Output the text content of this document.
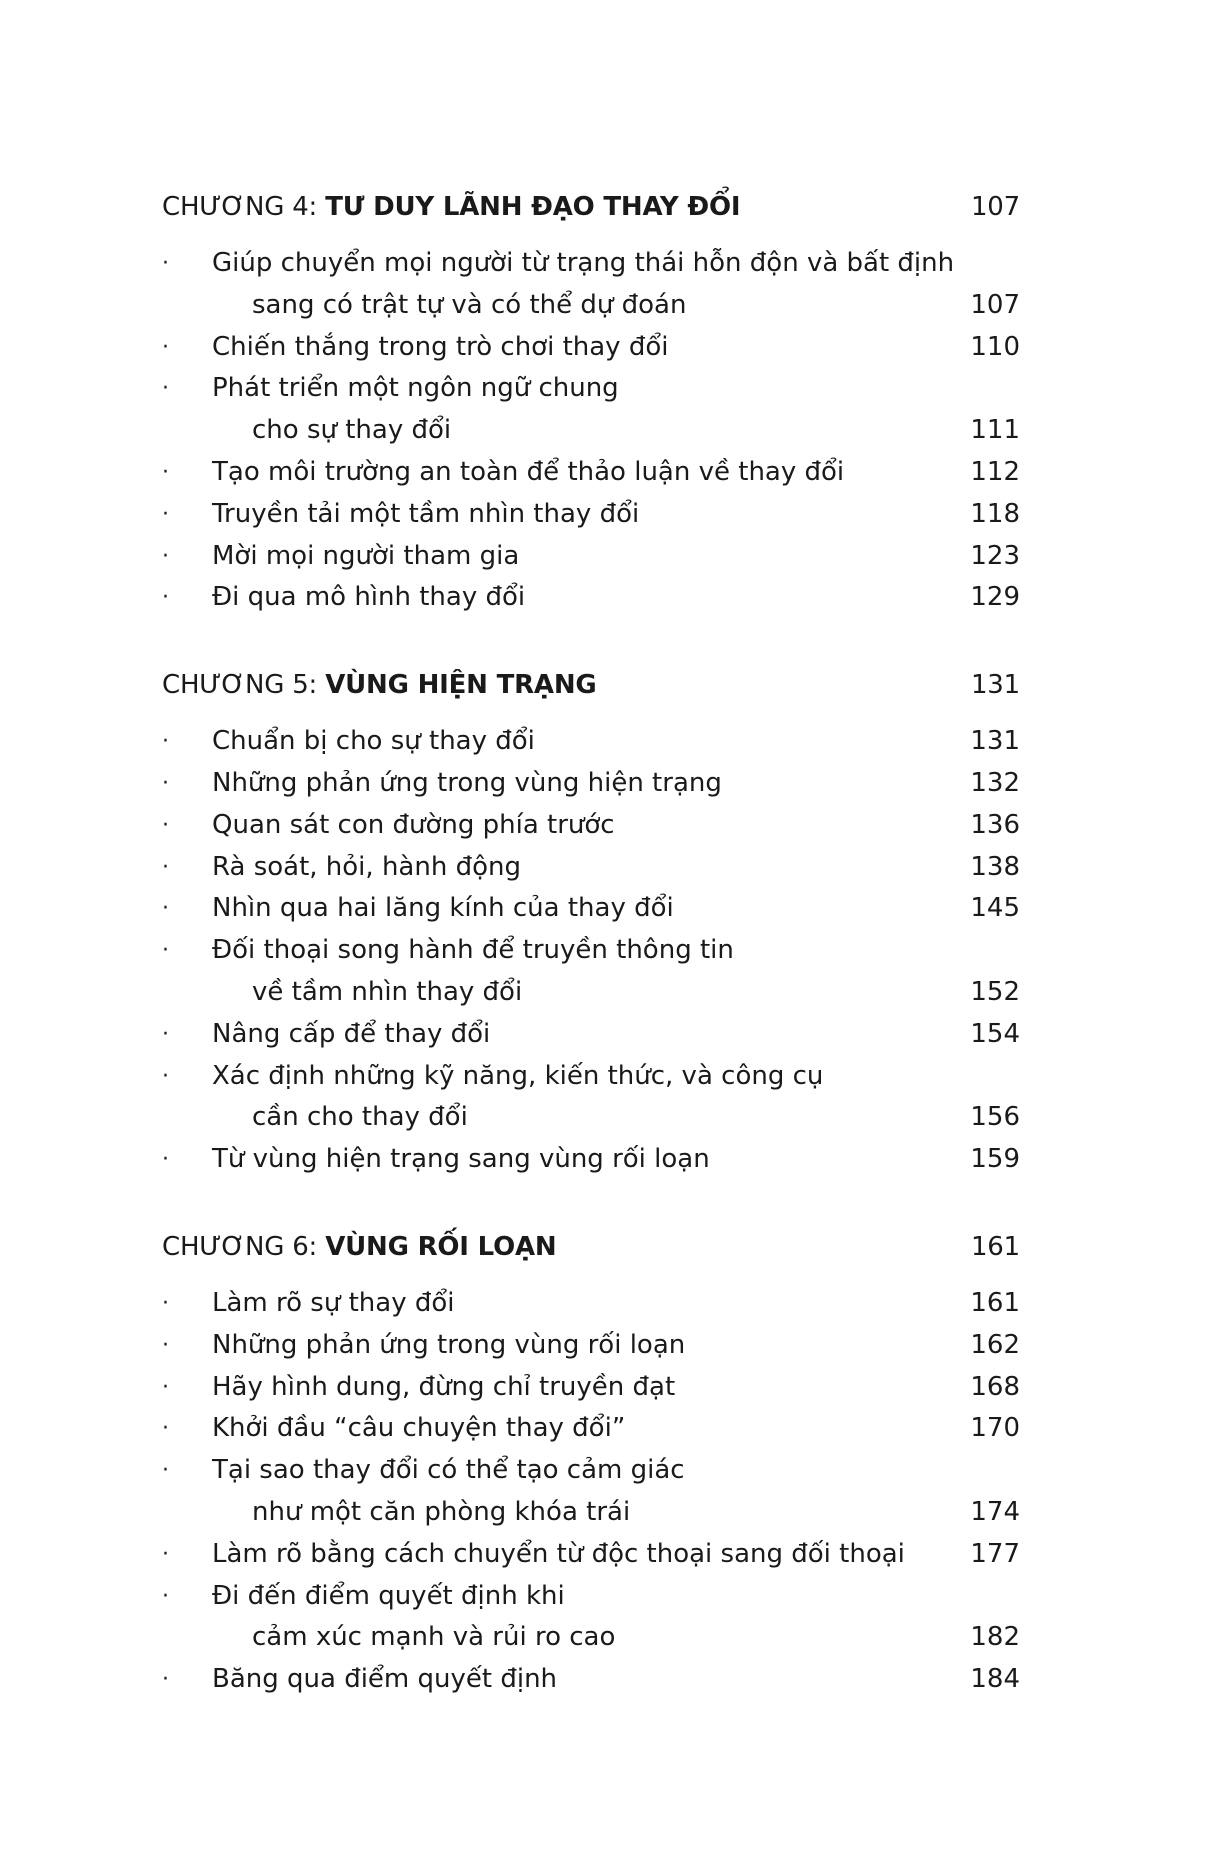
CHƯƠNG 4: TƯ DUY LÃNH ĐẠO THAY ĐỔI	107
·	Giúp chuyển mọi người từ trạng thái hỗn độn và bất định
sang có trật tự và có thể dự đoán	107
·	Chiến thắng trong trò chơi thay đổi	110
·	Phát triển một ngôn ngữ chung
cho sự thay đổi	111
·	Tạo môi trường an toàn để thảo luận về thay đổi	112
·	Truyền tải một tầm nhìn thay đổi	118
·	Mời mọi người tham gia	123
·	Đi qua mô hình thay đổi	129
CHƯƠNG 5: VÙNG HIỆN TRẠNG	131
·	Chuẩn bị cho sự thay đổi	131
·	Những phản ứng trong vùng hiện trạng	132
·	Quan sát con đường phía trước	136
·	Rà soát, hỏi, hành động	138
·	Nhìn qua hai lăng kính của thay đổi	145
·	Đối thoại song hành để truyền thông tin
về tầm nhìn thay đổi	152
·	Nâng cấp để thay đổi	154
·	Xác định những kỹ năng, kiến thức, và công cụ
cần cho thay đổi	156
·	Từ vùng hiện trạng sang vùng rối loạn	159
CHƯƠNG 6: VÙNG RỐI LOẠN	161
·	Làm rõ sự thay đổi	161
·	Những phản ứng trong vùng rối loạn	162
·	Hãy hình dung, đừng chỉ truyền đạt	168
·	Khởi đầu “câu chuyện thay đổi”	170
·	Tại sao thay đổi có thể tạo cảm giác
như một căn phòng khóa trái	174
·	Làm rõ bằng cách chuyển từ độc thoại sang đối thoại	177
·	Đi đến điểm quyết định khi
cảm xúc mạnh và rủi ro cao	182
·	Băng qua điểm quyết định	184
